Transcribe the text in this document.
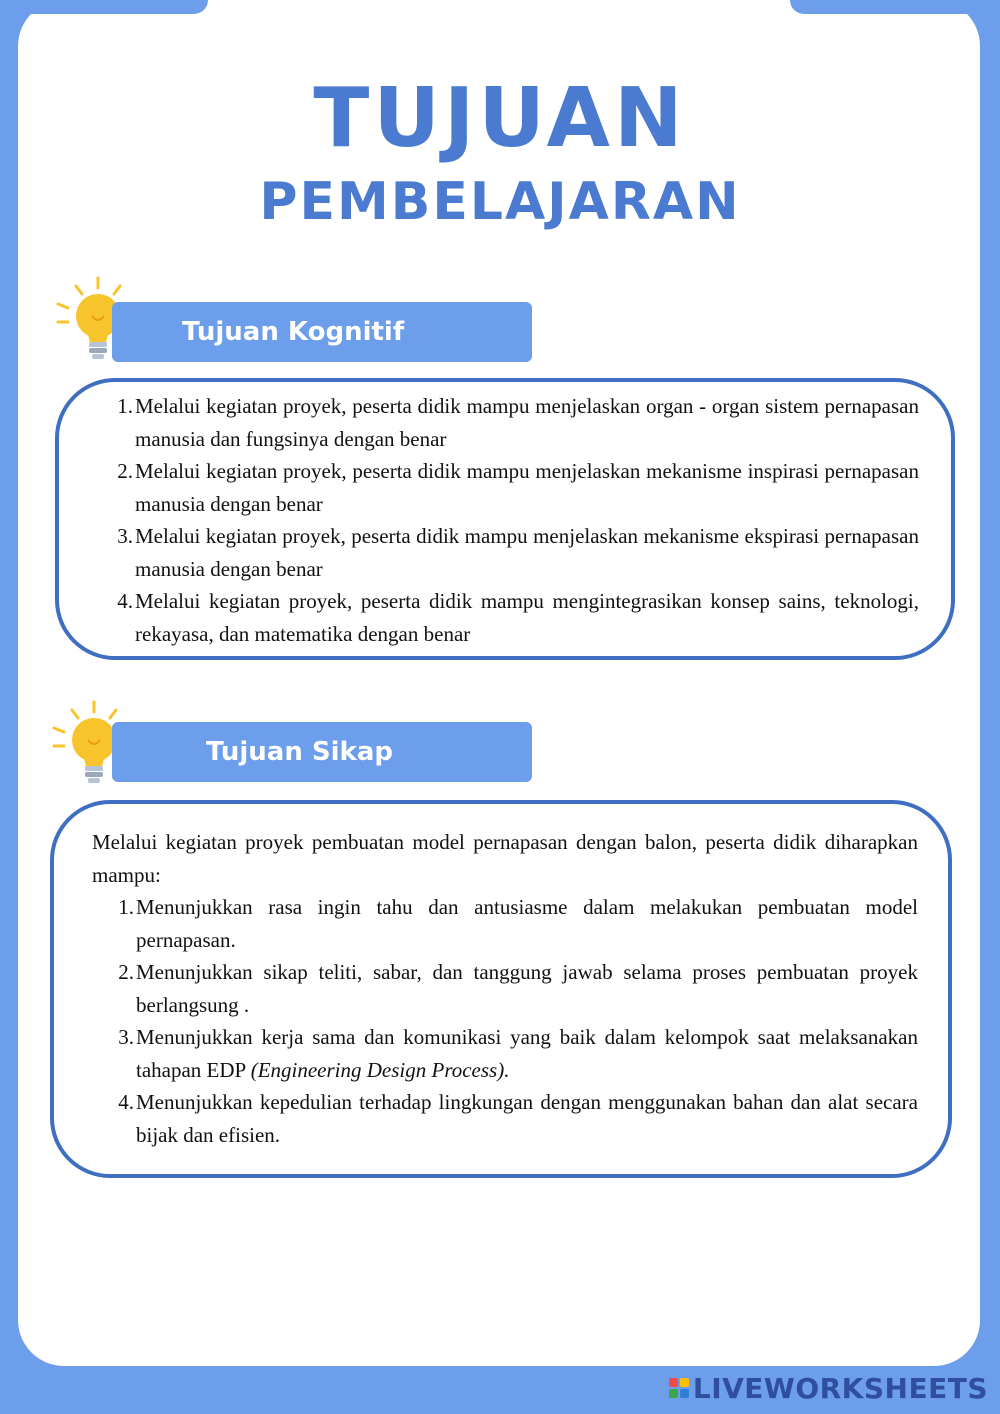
TUJUAN
PEMBELAJARAN
Tujuan Kognitif
1. Melalui kegiatan proyek, peserta didik mampu menjelaskan organ - organ sistem pernapasan manusia dan fungsinya dengan benar
2. Melalui kegiatan proyek, peserta didik mampu menjelaskan mekanisme inspirasi pernapasan manusia dengan benar
3. Melalui kegiatan proyek, peserta didik mampu menjelaskan mekanisme ekspirasi pernapasan manusia dengan benar
4. Melalui kegiatan proyek, peserta didik mampu mengintegrasikan konsep sains, teknologi, rekayasa, dan matematika dengan benar
Tujuan Sikap
Melalui kegiatan proyek pembuatan model pernapasan dengan balon, peserta didik diharapkan mampu:
1. Menunjukkan rasa ingin tahu dan antusiasme dalam melakukan pembuatan model pernapasan.
2. Menunjukkan sikap teliti, sabar, dan tanggung jawab selama proses pembuatan proyek berlangsung .
3. Menunjukkan kerja sama dan komunikasi yang baik dalam kelompok saat melaksanakan tahapan EDP (Engineering Design Process).
4. Menunjukkan kepedulian terhadap lingkungan dengan menggunakan bahan dan alat secara bijak dan efisien.
LIVEWORKSHEETS
